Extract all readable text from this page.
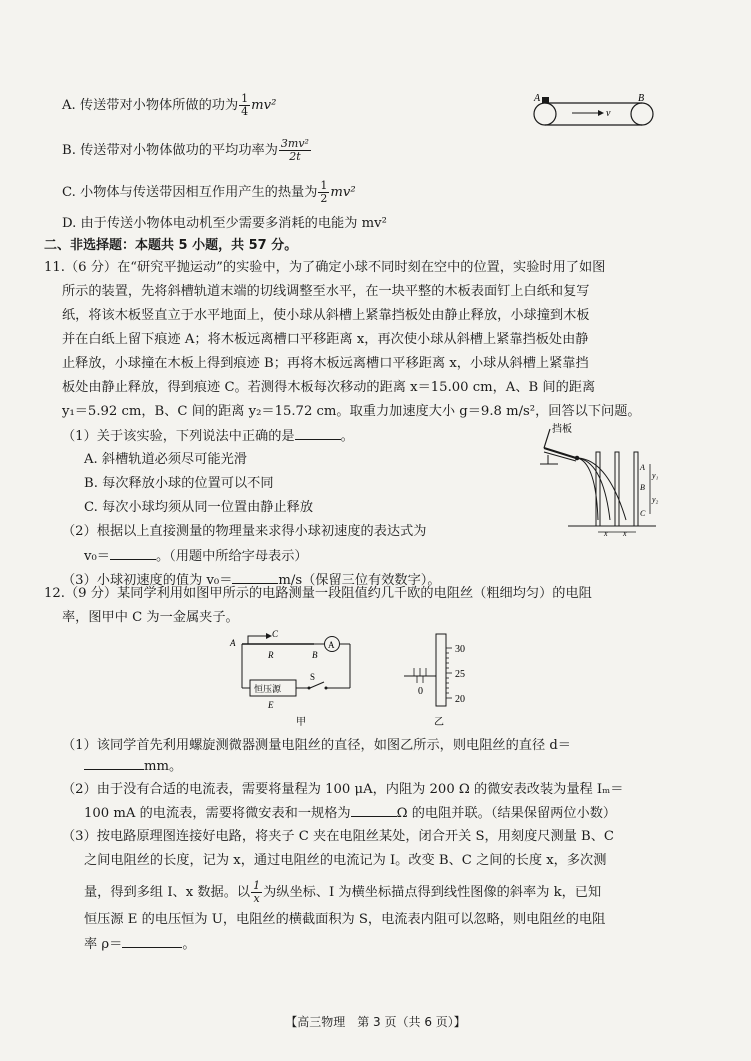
A. 传送带对小物体所做的功为 $\frac{1}{4} mv^2$
B. 传送带对小物体做功的平均功率为 $\frac{\text{3mv²}}{2t}$
C. 小物体与传送带因相互作用产生的热量为 $\frac{1}{2} mv^2$
D. 由于传送小物体电动机至少需要多消耗的电能为 mv²
A	B
v
二、非选择题：本题共 5 小题，共 57 分。
11.（6 分）在“研究平抛运动”的实验中，为了确定小球不同时刻在空中的位置，实验时用了如图
所示的装置，先将斜槽轨道末端的切线调整至水平，在一块平整的木板表面钉上白纸和复写
纸，将该木板竖直立于水平地面上，使小球从斜槽上紧靠挡板处由静止释放，小球撞到木板
并在白纸上留下痕迹 A；将木板远离槽口平移距离 x，再次使小球从斜槽上紧靠挡板处由静
止释放，小球撞在木板上得到痕迹 B；再将木板远离槽口平移距离 x，小球从斜槽上紧靠挡
板处由静止释放，得到痕迹 C。若测得木板每次移动的距离 x＝15.00 cm，A、B 间的距离
y₁＝5.92 cm，B、C 间的距离 y₂＝15.72 cm。取重力加速度大小 g＝9.8 m/s²，回答以下问题。
（1）关于该实验，下列说法中正确的是	。
A. 斜槽轨道必须尽可能光滑
B. 每次释放小球的位置可以不同
C. 每次小球均须从同一位置由静止释放
（2）根据以上直接测量的物理量来求得小球初速度的表达式为
v₀＝	。（用题中所给字母表示）
（3）小球初速度的值为 v₀＝	m/s（保留三位有效数字）。
挡板
A
B
C
y₁
y₂
x x
12.（9 分）某同学利用如图甲所示的电路测量一段阻值约几千欧的电阻丝（粗细均匀）的电阻
率，图甲中 C 为一金属夹子。
A
C
R	B
A
恒压源
S
E
甲
30
25
20
0
乙
（1）该同学首先利用螺旋测微器测量电阻丝的直径，如图乙所示，则电阻丝的直径 d＝
mm。
（2）由于没有合适的电流表，需要将量程为 100 μA，内阻为 200 Ω 的微安表改装为量程 Iₘ＝
100 mA 的电流表，需要将微安表和一规格为	Ω 的电阻并联。（结果保留两位小数）
（3）按电路原理图连接好电路，将夹子 C 夹在电阻丝某处，闭合开关 S，用刻度尺测量 B、C
之间电阻丝的长度，记为 x，通过电阻丝的电流记为 I。改变 B、C 之间的长度 x，多次测
量，得到多组 I、x 数据。以 $\frac{1}{x}$ 为纵坐标、I 为横坐标描点得到线性图像的斜率为 k，已知
恒压源 E 的电压恒为 U，电阻丝的横截面积为 S，电流表内阻可以忽略，则电阻丝的电阻
率 ρ＝	。
【高三物理　第 3 页（共 6 页）】
